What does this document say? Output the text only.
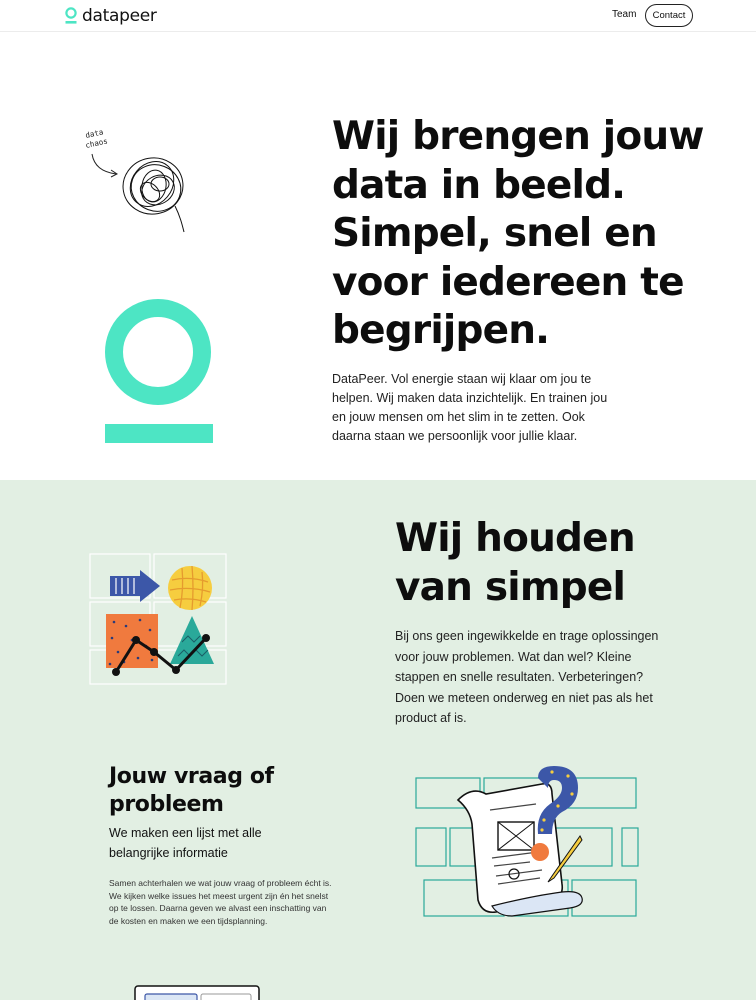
datapeer	Team	Contact
data
chaos	Wij brengen jouw data in beeld. Simpel, snel en voor iedereen te begrijpen.

DataPeer. Vol energie staan wij klaar om jou te helpen. Wij maken data inzichtelijk. En trainen jou en jouw mensen om het slim in te zetten. Ook daarna staan we persoonlijk voor jullie klaar.

Wij houden van simpel

Bij ons geen ingewikkelde en trage oplossingen voor jouw problemen. Wat dan wel? Kleine stappen en snelle resultaten. Verbeteringen? Doen we meteen onderweg en niet pas als het product af is.

Jouw vraag of probleem

We maken een lijst met alle belangrijke informatie

Samen achterhalen we wat jouw vraag of probleem écht is. We kijken welke issues het meest urgent zijn én het snelst op te lossen. Daarna geven we alvast een inschatting van de kosten en maken we een tijdsplanning.
